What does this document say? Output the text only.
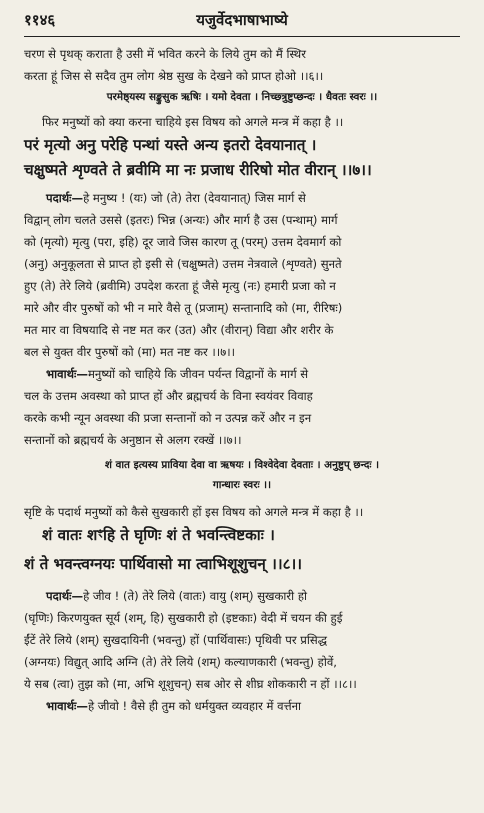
११४६	यजुर्वेदभाषाभाष्ये
चरण से पृथक् कराता है उसी में भवित करने के लिये तुम को मैं स्थिर
करता हूं जिस से सदैव तुम लोग श्रेष्ठ सुख के देखने को प्राप्त होओ ।।६।।
परमेष्ठ्यस्य सङ्कुसुक ऋषिः । यमो देवता । निच्छ्त्रुष्टुप्छन्दः । धैवतः स्वरः ।।
फिर मनुष्यों को क्या करना चाहिये इस विषय को अगले मन्त्र में कहा है ।।
परं मृत्यो अनु परेहि पन्थां यस्ते अन्य इतरो देवयानात् ।
चक्षुष्मते शृण्वते ते ब्रवीमि मा नः प्रजाध रीरिषो मोत वीरान् ।।७।।
पदार्थः—हे मनुष्य ! (यः) जो (ते) तेरा (देवयानात्) जिस मार्ग से
विद्वान् लोग चलते उससे (इतरः) भिन्न (अन्यः) और मार्ग है उस (पन्थाम्) मार्ग
को (मृत्यो) मृत्यु (परा, इहि) दूर जावे जिस कारण तू (परम्) उत्तम देवमार्ग को
(अनु) अनुकूलता से प्राप्त हो इसी से (चक्षुष्मते) उत्तम नेत्रवाले (शृण्वते) सुनते
हुए (ते) तेरे लिये (ब्रवीमि) उपदेश करता हूं जैसे मृत्यु (नः) हमारी प्रजा को न
मारे और वीर पुरुषों को भी न मारे वैसे तू (प्रजाम्) सन्तानादि को (मा, रीरिषः)
मत मार वा विषयादि से नष्ट मत कर (उत) और (वीरान्) विद्या और शरीर के
बल से युक्त वीर पुरुषों को (मा) मत नष्ट कर ।।७।।
भावार्थः—मनुष्यों को चाहिये कि जीवन पर्यन्त विद्वानों के मार्ग से
चल के उत्तम अवस्था को प्राप्त हों और ब्रह्मचर्य के विना स्वयंवर विवाह
करके कभी न्यून अवस्था की प्रजा सन्तानों को न उत्पन्न करें और न इन
सन्तानों को ब्रह्मचर्य के अनुष्ठान से अलग रक्खें ।।७।।
शं वात इत्यस्य प्राविया देवा वा ऋषयः । विश्वेदेवा देवताः । अनुष्टुप् छन्दः ।
गान्धारः स्वरः ।।
सृष्टि के पदार्थ मनुष्यों को कैसे सुखकारी हों इस विषय को अगले मन्त्र में कहा है ।।
शं वातः शꣳहि ते घृणिः शं ते भवन्त्विष्टकाः ।
शं ते भवन्त्वग्नयः पार्थिवासो मा त्वाभिशूशुचन् ।।८।।
पदार्थः—हे जीव ! (ते) तेरे लिये (वातः) वायु (शम्) सुखकारी हो
(घृणिः) किरणयुक्त सूर्य (शम्, हि) सुखकारी हो (इष्टकाः) वेदी में चयन की हुई
ईंटें तेरे लिये (शम्) सुखदायिनी (भवन्तु) हों (पार्थिवासः) पृथिवी पर प्रसिद्ध
(अग्नयः) विद्युत् आदि अग्नि (ते) तेरे लिये (शम्) कल्याणकारी (भवन्तु) होवें,
ये सब (त्वा) तुझ को (मा, अभि शूशुचन्) सब ओर से शीघ्र शोककारी न हों ।।८।।
भावार्थः—हे जीवो ! वैसे ही तुम को धर्मयुक्त व्यवहार में वर्त्तना
